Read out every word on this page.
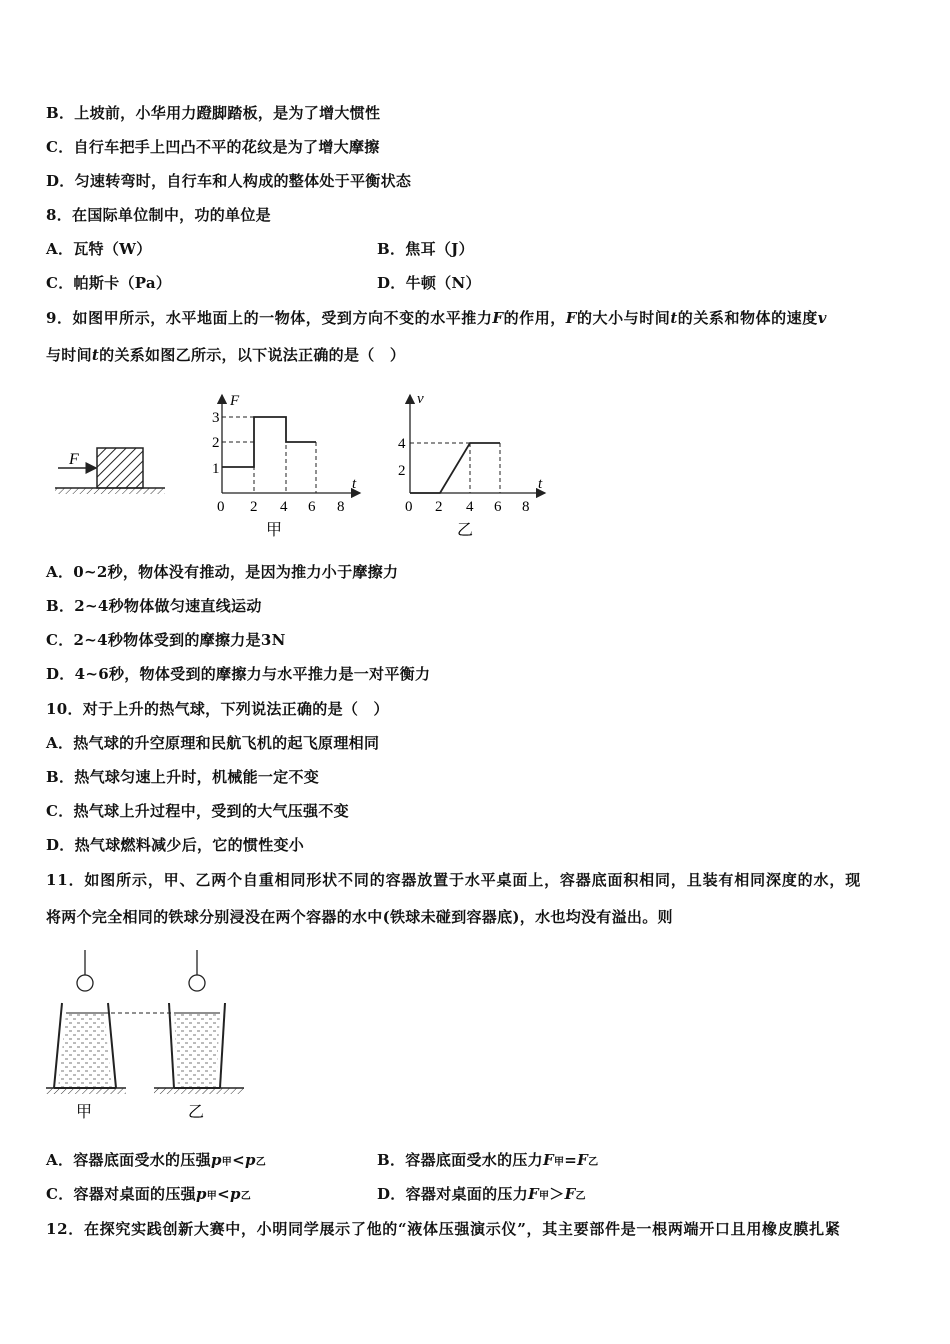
B．上坡前，小华用力蹬脚踏板，是为了增大惯性
C．自行车把手上凹凸不平的花纹是为了增大摩擦
D．匀速转弯时，自行车和人构成的整体处于平衡状态
8．在国际单位制中，功的单位是
A．瓦特（W）	B．焦耳（J）
C．帕斯卡（Pa）	D．牛顿（N）
9．如图甲所示，水平地面上的一物体，受到方向不变的水平推力F的作用，F的大小与时间t的关系和物体的速度v
与时间t的关系如图乙所示，以下说法正确的是（　）
F
F
t
1
2
3
0 2 4 6 8
甲
v
t
2
4
0 2 4 6 8
乙
A．0~2秒，物体没有推动，是因为推力小于摩擦力
B．2~4秒物体做匀速直线运动
C．2~4秒物体受到的摩擦力是3N
D．4~6秒，物体受到的摩擦力与水平推力是一对平衡力
10．对于上升的热气球，下列说法正确的是（　）
A．热气球的升空原理和民航飞机的起飞原理相同
B．热气球匀速上升时，机械能一定不变
C．热气球上升过程中，受到的大气压强不变
D．热气球燃料减少后，它的惯性变小
11．如图所示，甲、乙两个自重相同形状不同的容器放置于水平桌面上，容器底面积相同，且装有相同深度的水，现
将两个完全相同的铁球分别浸没在两个容器的水中(铁球未碰到容器底)，水也均没有溢出。则
甲	乙
A．容器底面受水的压强p甲<p乙	B．容器底面受水的压力F甲=F乙
C．容器对桌面的压强p甲<p乙	D．容器对桌面的压力F甲＞F乙
12．在探究实践创新大赛中，小明同学展示了他的“液体压强演示仪”，其主要部件是一根两端开口且用橡皮膜扎紧
